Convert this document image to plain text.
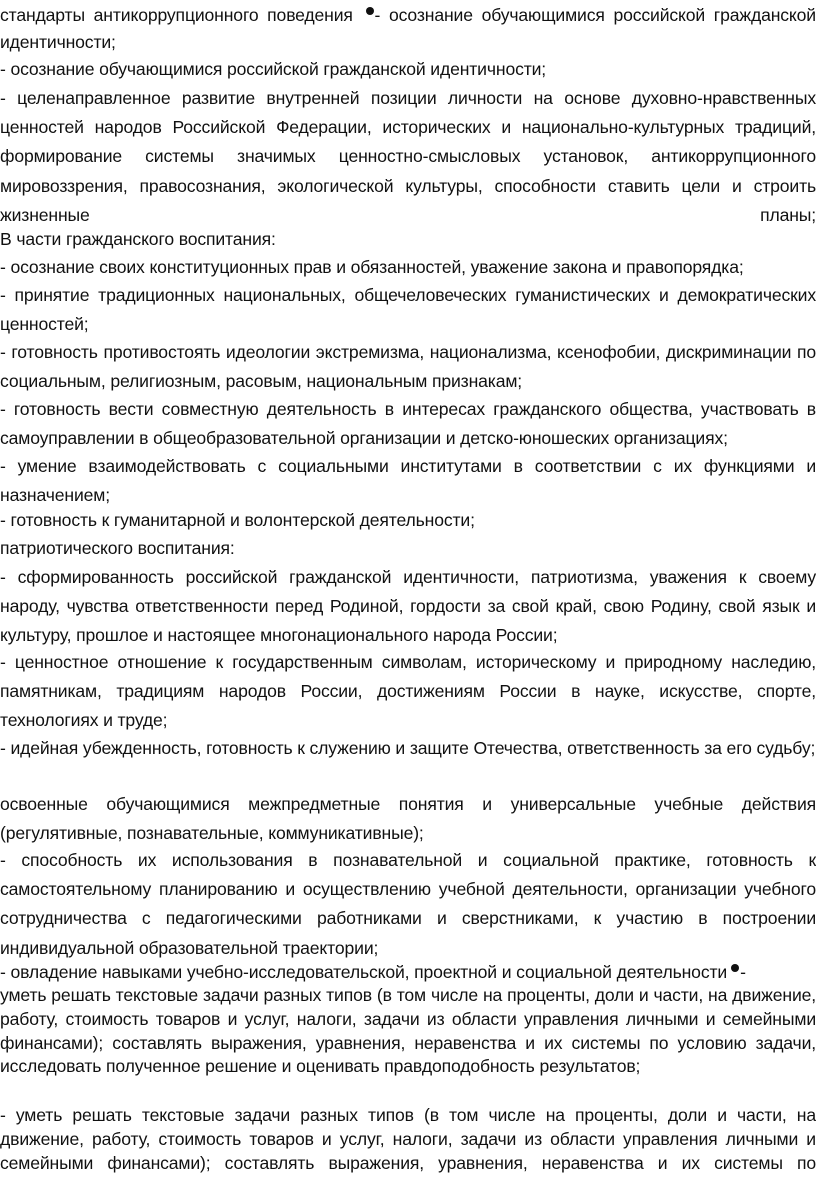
стандарты антикоррупционного поведения - осознание обучающимися российской гражданской идентичности;

- осознание обучающимися российской гражданской идентичности;

- целенаправленное развитие внутренней позиции личности на основе духовно-нравственных ценностей народов Российской Федерации, исторических и национально-культурных традиций, формирование системы значимых ценностно-смысловых установок, антикоррупционного мировоззрения, правосознания, экологической культуры, способности ставить цели и строить жизненные планы;

В части гражданского воспитания:

- осознание своих конституционных прав и обязанностей, уважение закона и правопорядка;

- принятие традиционных национальных, общечеловеческих гуманистических и демократических ценностей;

- готовность противостоять идеологии экстремизма, национализма, ксенофобии, дискриминации по социальным, религиозным, расовым, национальным признакам;

- готовность вести совместную деятельность в интересах гражданского общества, участвовать в самоуправлении в общеобразовательной организации и детско-юношеских организациях;

- умение взаимодействовать с социальными институтами в соответствии с их функциями и назначением;

- готовность к гуманитарной и волонтерской деятельности;

патриотического воспитания:

- сформированность российской гражданской идентичности, патриотизма, уважения к своему народу, чувства ответственности перед Родиной, гордости за свой край, свою Родину, свой язык и культуру, прошлое и настоящее многонационального народа России;

- ценностное отношение к государственным символам, историческому и природному наследию, памятникам, традициям народов России, достижениям России в науке, искусстве, спорте, технологиях и труде;

- идейная убежденность, готовность к служению и защите Отечества, ответственность за его судьбу;

освоенные обучающимися межпредметные понятия и универсальные учебные действия (регулятивные, познавательные, коммуникативные);

- способность их использования в познавательной и социальной практике, готовность к самостоятельному планированию и осуществлению учебной деятельности, организации учебного сотрудничества с педагогическими работниками и сверстниками, к участию в построении индивидуальной образовательной траектории;

- овладение навыками учебно-исследовательской, проектной и социальной деятельности -

уметь решать текстовые задачи разных типов (в том числе на проценты, доли и части, на движение, работу, стоимость товаров и услуг, налоги, задачи из области управления личными и семейными финансами); составлять выражения, уравнения, неравенства и их системы по условию задачи, исследовать полученное решение и оценивать правдоподобность результатов;

- уметь решать текстовые задачи разных типов (в том числе на проценты, доли и части, на движение, работу, стоимость товаров и услуг, налоги, задачи из области управления личными и семейными финансами); составлять выражения, уравнения, неравенства и их системы по
